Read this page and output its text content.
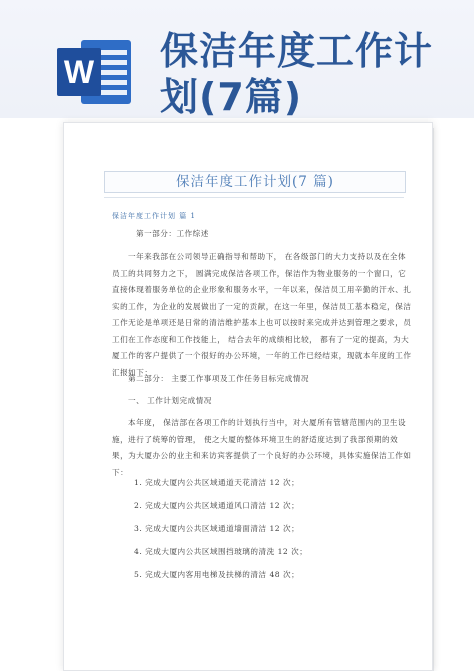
W 保洁年度工作计划(7篇)
保洁年度工作计划(7 篇)
保洁年度工作计划 篇 1

第一部分：工作综述

一年来我部在公司领导正确指导和帮助下， 在各级部门的大力支持以及在全体员工的共同努力之下， 圆满完成保洁各项工作，保洁作为物业服务的一个窗口，它直接体现着服务单位的企业形象和服务水平，一年以来，保洁员工用辛勤的汗水、扎实的工作，为企业的发展做出了一定的贡献，在这一年里，保洁员工基本稳定，保洁工作无论是单项还是日常的清洁维护基本上也可以按时来完成并达到管理之要求，员工们在工作态度和工作技能上， 结合去年的成绩相比较， 都有了一定的提高，为大厦工作的客户提供了一个很好的办公环境，一年的工作已经结束，现就本年度的工作汇报如下：

第二部分： 主要工作事项及工作任务目标完成情况

一、 工作计划完成情况

本年度， 保洁部在各项工作的计划执行当中，对大厦所有管辖范围内的卫生设施，进行了统筹的管理， 使之大厦的整体环境卫生的舒适度达到了我部预期的效果，为大厦办公的业主和来访宾客提供了一个良好的办公环境，具体实施保洁工作如下：

1. 完成大厦内公共区域通道天花清洁 12 次；

2. 完成大厦内公共区域通道风口清洁 12 次；

3. 完成大厦内公共区域通道墙面清洁 12 次；

4. 完成大厦内公共区域围挡玻璃的清洗 12 次；

5. 完成大厦内客用电梯及扶梯的清洁 48 次；
